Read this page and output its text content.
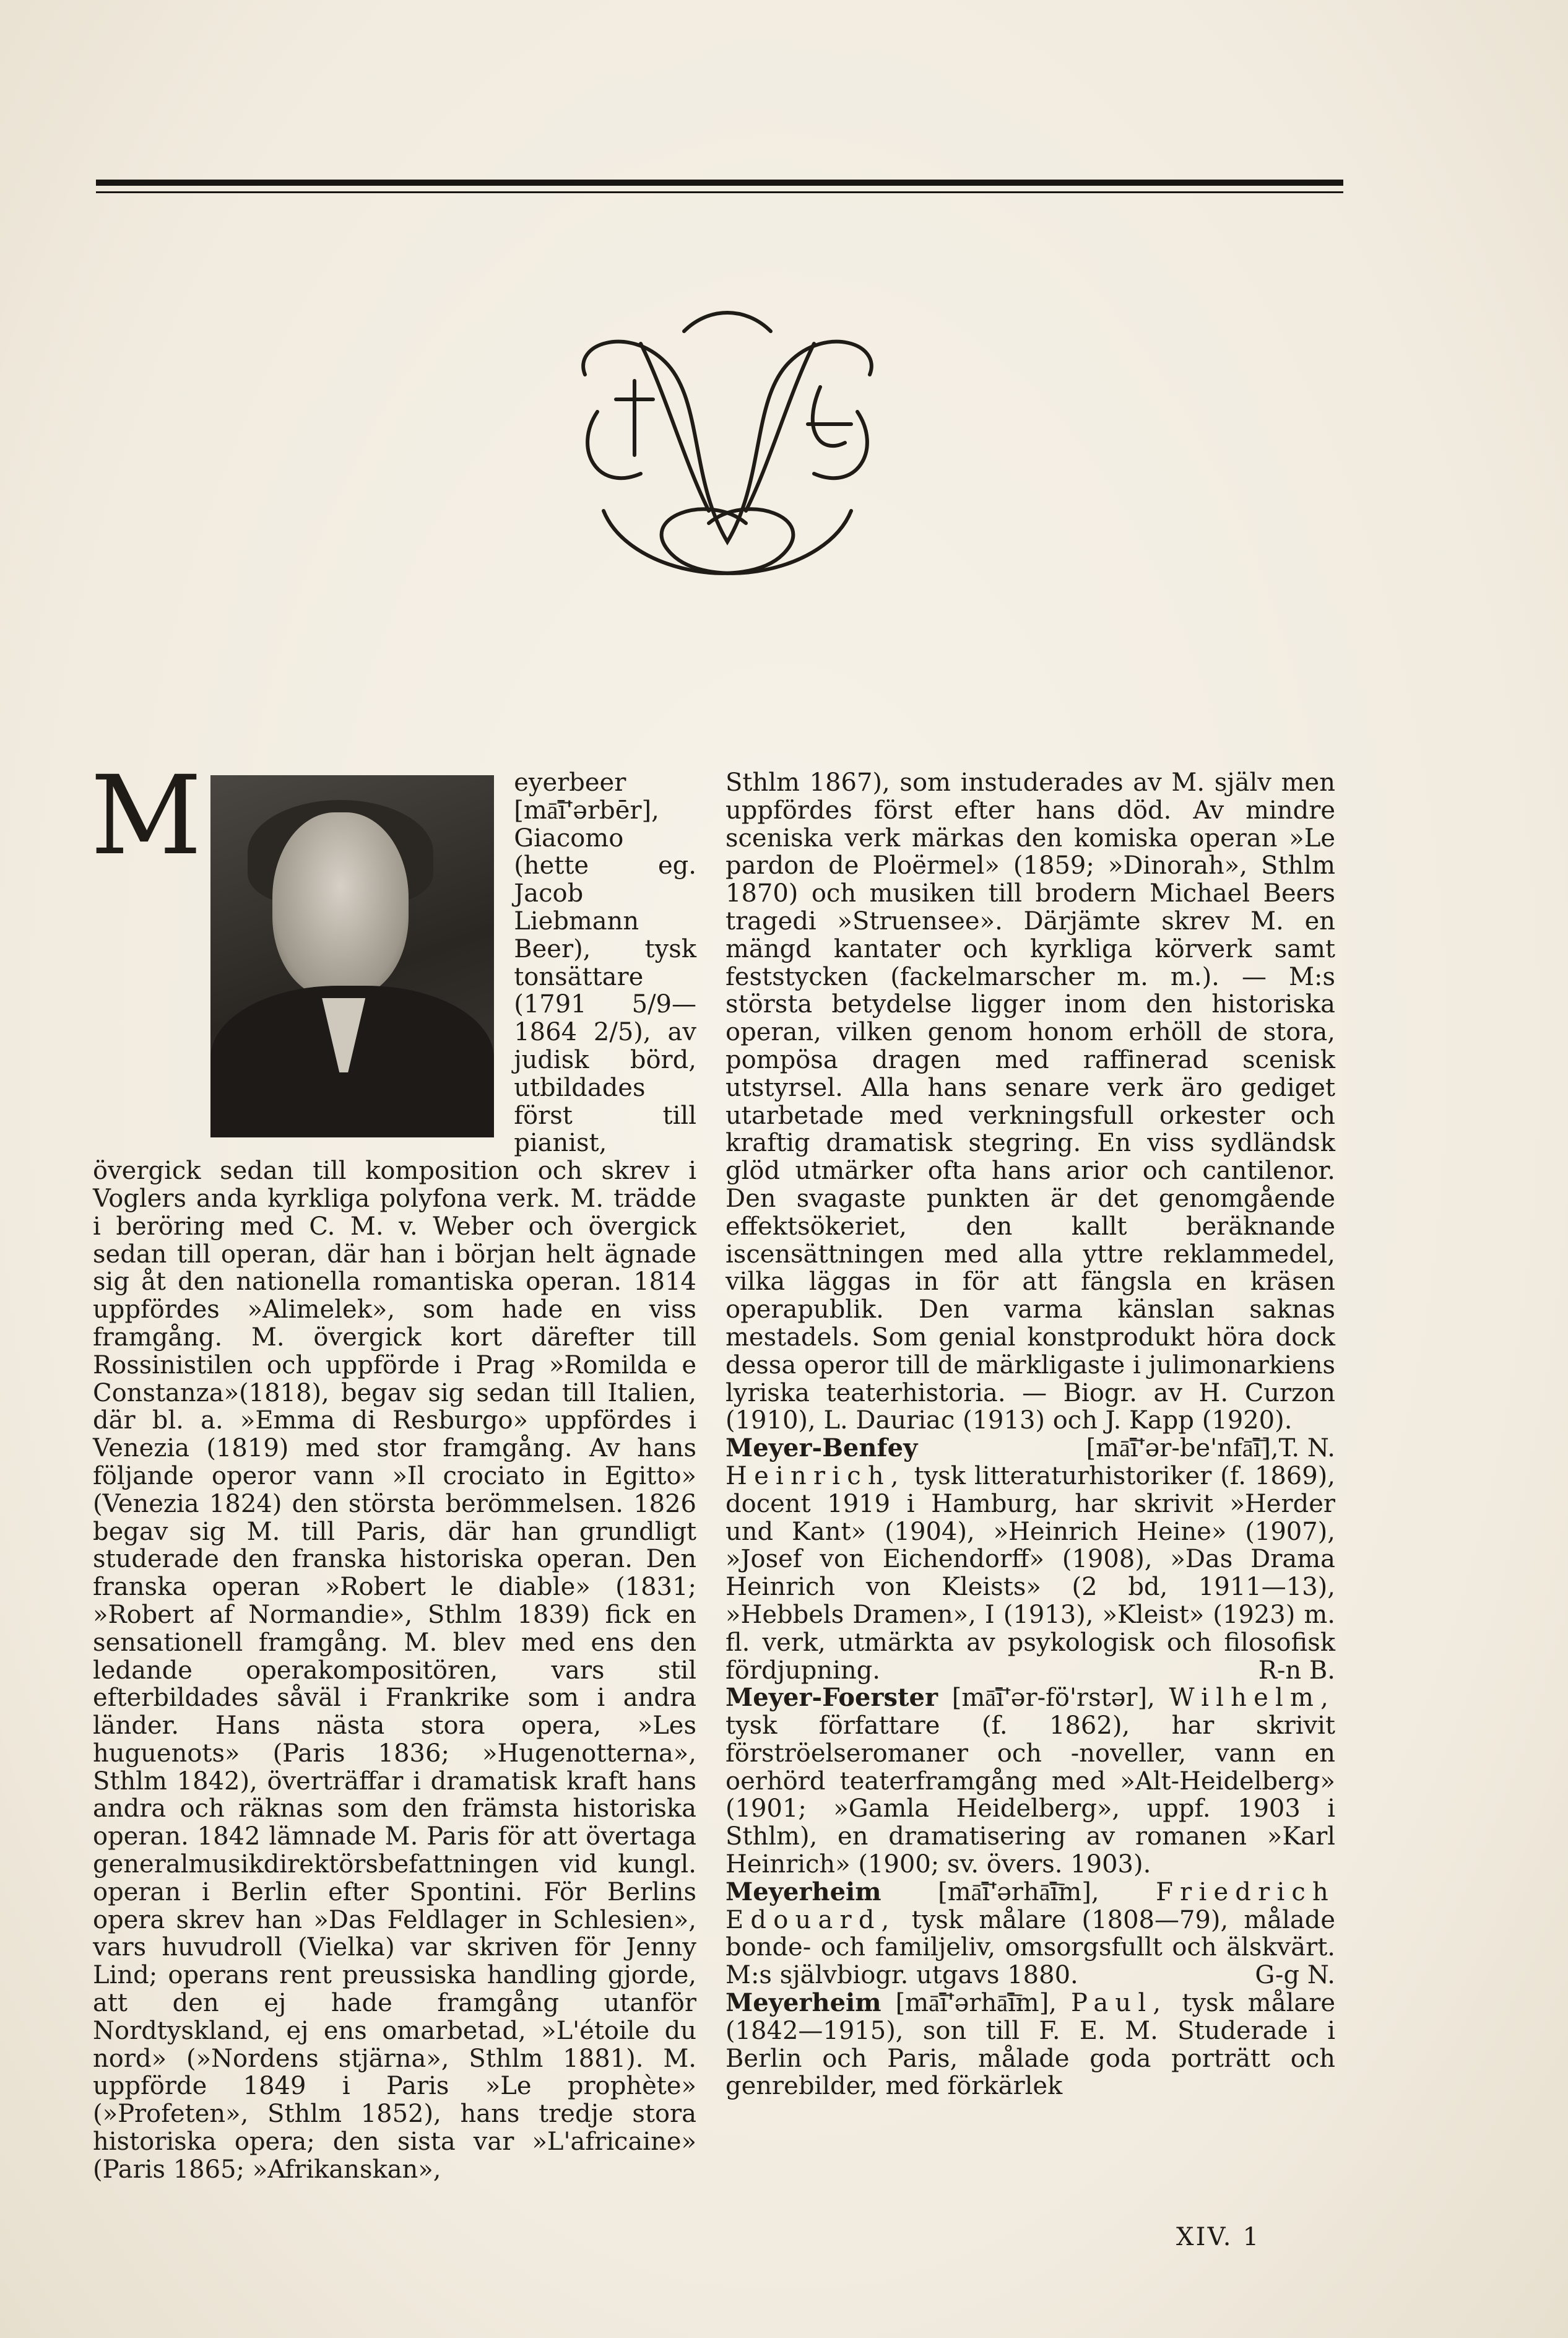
M	eyerbeer [mā͞ī'ərbēr], Giacomo (hette eg. Jacob Liebmann Beer), tysk tonsättare (1791 5/9—1864 2/5), av judisk börd, utbildades först till pianist, övergick sedan till komposition och skrev i Voglers anda kyrkliga polyfona verk. M. trädde i beröring med C. M. v. Weber och övergick sedan till operan, där han i början helt ägnade sig åt den nationella romantiska operan. 1814 uppfördes »Alimelek», som hade en viss framgång. M. övergick kort därefter till Rossinistilen och uppförde i Prag »Romilda e Constanza»(1818), begav sig sedan till Italien, där bl. a. »Emma di Resburgo» uppfördes i Venezia (1819) med stor framgång. Av hans följande operor vann »Il crociato in Egitto» (Venezia 1824) den största berömmelsen. 1826 begav sig M. till Paris, där han grundligt studerade den franska historiska operan. Den franska operan »Robert le diable» (1831; »Robert af Normandie», Sthlm 1839) fick en sensationell framgång. M. blev med ens den ledande operakompositören, vars stil efterbildades såväl i Frankrike som i andra länder. Hans nästa stora opera, »Les huguenots» (Paris 1836; »Hugenotterna», Sthlm 1842), överträffar i dramatisk kraft hans andra och räknas som den främsta historiska operan. 1842 lämnade M. Paris för att övertaga generalmusikdirektörsbefattningen vid kungl. operan i Berlin efter Spontini. För Berlins opera skrev han »Das Feldlager in Schlesien», vars huvudroll (Vielka) var skriven för Jenny Lind; operans rent preussiska handling gjorde, att den ej hade framgång utanför Nordtyskland, ej ens omarbetad, »L'étoile du nord» (»Nordens stjärna», Sthlm 1881). M. uppförde 1849 i Paris »Le prophète» (»Profeten», Sthlm 1852), hans tredje stora historiska opera; den sista var »L'africaine» (Paris 1865; »Afrikanskan»,

Sthlm 1867), som instuderades av M. själv men uppfördes först efter hans död. Av mindre sceniska verk märkas den komiska operan »Le pardon de Ploërmel» (1859; »Dinorah», Sthlm 1870) och musiken till brodern Michael Beers tragedi »Struensee». Därjämte skrev M. en mängd kantater och kyrkliga körverk samt feststycken (fackelmarscher m. m.). — M:s största betydelse ligger inom den historiska operan, vilken genom honom erhöll de stora, pompösa dragen med raffinerad scenisk utstyrsel. Alla hans senare verk äro gediget utarbetade med verkningsfull orkester och kraftig dramatisk stegring. En viss sydländsk glöd utmärker ofta hans arior och cantilenor. Den svagaste punkten är det genomgående effektsökeriet, den kallt beräknande iscensättningen med alla yttre reklammedel, vilka läggas in för att fängsla en kräsen operapublik. Den varma känslan saknas mestadels. Som genial konstprodukt höra dock dessa operor till de märkligaste i julimonarkiens lyriska teaterhistoria. — Biogr. av H. Curzon (1910), L. Dauriac (1913) och J. Kapp (1920).
T. N.

Meyer-Benfey [mā͞ī'ər-be'nfā͞ī], Heinrich, tysk litteraturhistoriker (f. 1869), docent 1919 i Hamburg, har skrivit »Herder und Kant» (1904), »Heinrich Heine» (1907), »Josef von Eichendorff» (1908), »Das Drama Heinrich von Kleists» (2 bd, 1911—13), »Hebbels Dramen», I (1913), »Kleist» (1923) m. fl. verk, utmärkta av psykologisk och filosofisk fördjupning.	R-n B.

Meyer-Foerster [mā͞ī'ər-fö'rstər], Wilhelm, tysk författare (f. 1862), har skrivit förströelseromaner och -noveller, vann en oerhörd teaterframgång med »Alt-Heidelberg» (1901; »Gamla Heidelberg», uppf. 1903 i Sthlm), en dramatisering av romanen »Karl Heinrich» (1900; sv. övers. 1903).

Meyerheim [mā͞ī'ərhā͞īm], Friedrich Edouard, tysk målare (1808—79), målade bonde- och familjeliv, omsorgsfullt och älskvärt. M:s självbiogr. utgavs 1880.	G-g N.

Meyerheim [mā͞ī'ərhā͞īm], Paul, tysk målare (1842—1915), son till F. E. M. Studerade i Berlin och Paris, målade goda porträtt och genrebilder, med förkärlek

XIV. 1
